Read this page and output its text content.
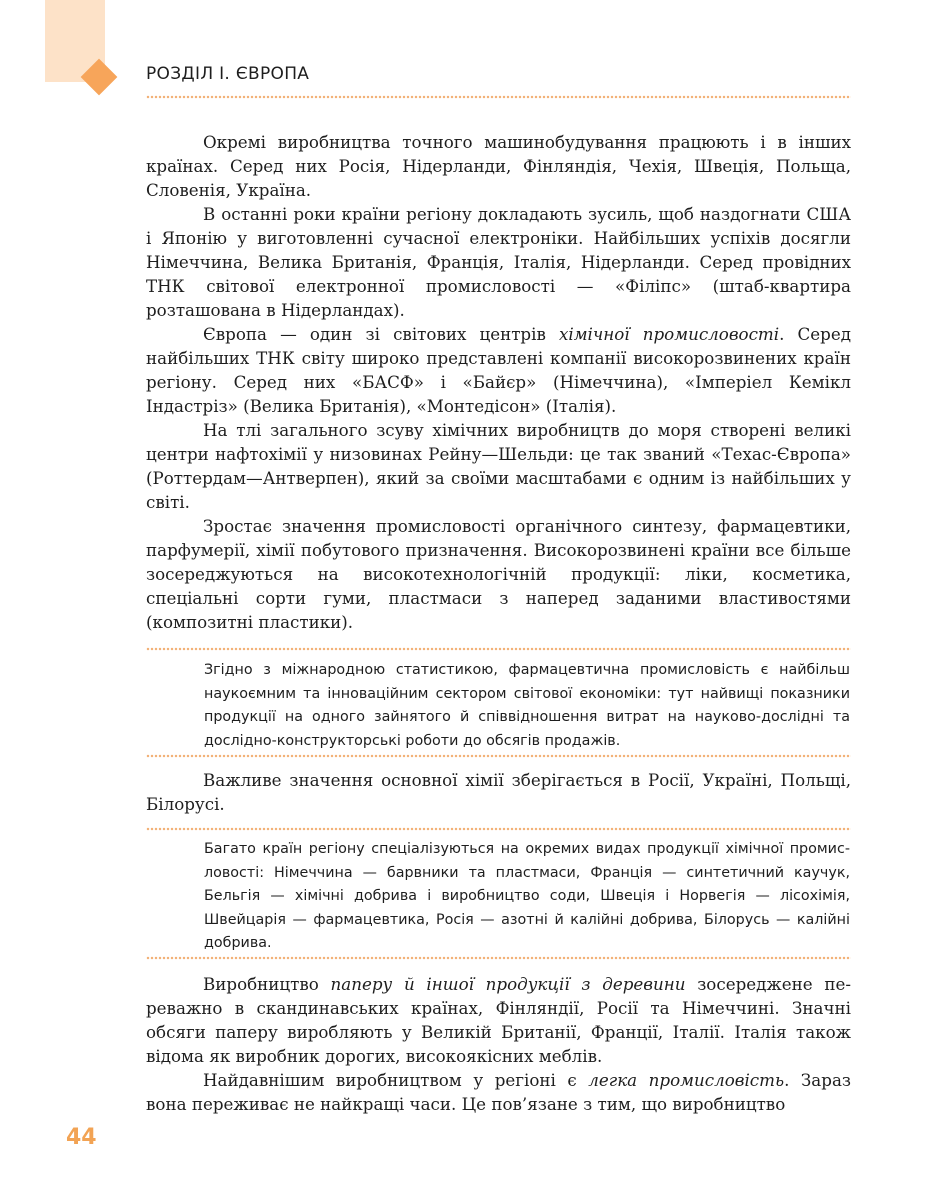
РОЗДІЛ І. ЄВРОПА

Окремі виробництва точного машинобудування працюють і в інших країнах. Серед них Росія, Нідерланди, Фінляндія, Чехія, Швеція, Польща, Словенія, Україна.

В останні роки країни регіону докладають зусиль, щоб наздогнати США і Японію у виготовленні сучасної електроніки. Найбільших успіхів досягли Німеччина, Велика Британія, Франція, Італія, Нідерланди. Серед провідних ТНК світової електронної промисловості — «Філіпс» (штаб-квартира розташована в Нідерландах).

Європа — один зі світових центрів хімічної промисловості. Серед найбільших ТНК світу широко представлені компанії високорозвинених країн регіону. Серед них «БАСФ» і «Байєр» (Німеччина), «Імперіел Кемікл Індастріз» (Велика Британія), «Монтедісон» (Італія).

На тлі загального зсуву хімічних виробництв до моря створені великі центри нафтохімії у низовинах Рейну—Шельди: це так званий «Техас-Європа» (Роттердам—Антверпен), який за своїми масштабами є одним із найбільших у світі.

Зростає значення промисловості органічного синтезу, фармацевтики, парфумерії, хімії побутового призначення. Високорозвинені країни все більше зосереджуються на високотехнологічній продукції: ліки, косметика, спеціальні сорти гуми, пластмаси з наперед заданими властивостями (композитні пластики).

Згідно з міжнародною статистикою, фармацевтична промисловість є найбільш наукоємним та інноваційним сектором світової економіки: тут найвищі показники продукції на одного зайнятого й співвідношення витрат на науково-дослідні та дослідно-конструкторські роботи до обсягів продажів.

Важливе значення основної хімії зберігається в Росії, Україні, Польщі, Білорусі.

Багато країн регіону спеціалізуються на окремих видах продукції хімічної промисловості: Німеччина — барвники та пластмаси, Франція — синтетичний каучук, Бельгія — хімічні добрива і виробництво соди, Швеція і Норвегія — лісохімія, Швейцарія — фармацевтика, Росія — азотні й калійні добрива, Білорусь — калійні добрива.

Виробництво паперу й іншої продукції з деревини зосереджене переважно в скандинавських країнах, Фінляндії, Росії та Німеччині. Значні обсяги паперу виробляють у Великій Британії, Франції, Італії. Італія також відома як виробник дорогих, високоякісних меблів.

Найдавнішим виробництвом у регіоні є легка промисловість. Зараз вона переживає не найкращі часи. Це пов’язане з тим, що виробництво

44
